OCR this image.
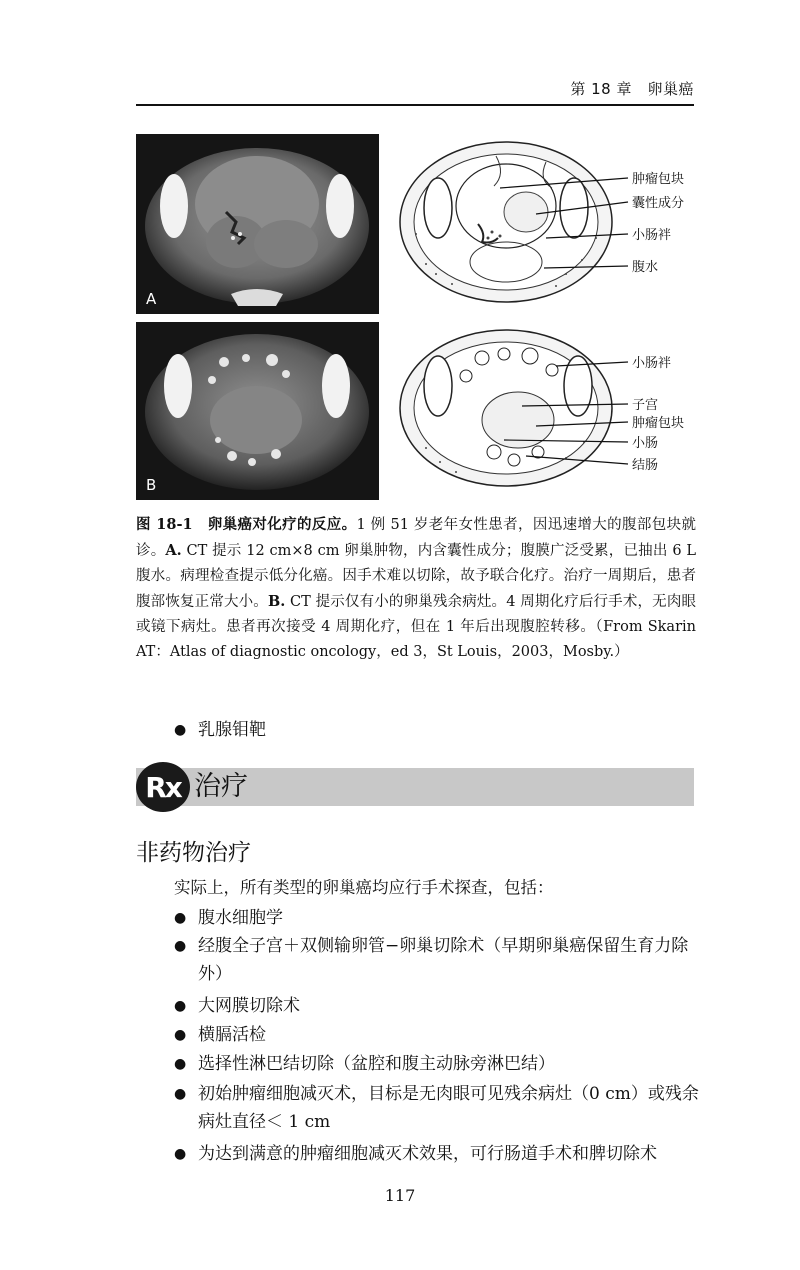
第 18 章　卵巢癌
A
B
肿瘤包块
囊性成分
小肠袢
腹水
小肠袢
子宫
肿瘤包块
小肠
结肠
图 18-1　卵巢癌对化疗的反应。1 例 51 岁老年女性患者，因迅速增大的腹部包块就诊。A. CT 提示 12 cm×8 cm 卵巢肿物，内含囊性成分；腹膜广泛受累，已抽出 6 L 腹水。病理检查提示低分化癌。因手术难以切除，故予联合化疗。治疗一周期后，患者腹部恢复正常大小。B. CT 提示仅有小的卵巢残余病灶。4 周期化疗后行手术，无肉眼或镜下病灶。患者再次接受 4 周期化疗，但在 1 年后出现腹腔转移。（From Skarin AT：Atlas of diagnostic oncology，ed 3，St Louis，2003，Mosby.）
● 乳腺钼靶
Rx 治疗
非药物治疗
实际上，所有类型的卵巢癌均应行手术探查，包括：
● 腹水细胞学
● 经腹全子宫＋双侧输卵管−卵巢切除术（早期卵巢癌保留生育力除外）
● 大网膜切除术
● 横膈活检
● 选择性淋巴结切除（盆腔和腹主动脉旁淋巴结）
● 初始肿瘤细胞减灭术，目标是无肉眼可见残余病灶（0 cm）或残余病灶直径＜ 1 cm
● 为达到满意的肿瘤细胞减灭术效果，可行肠道手术和脾切除术
117
